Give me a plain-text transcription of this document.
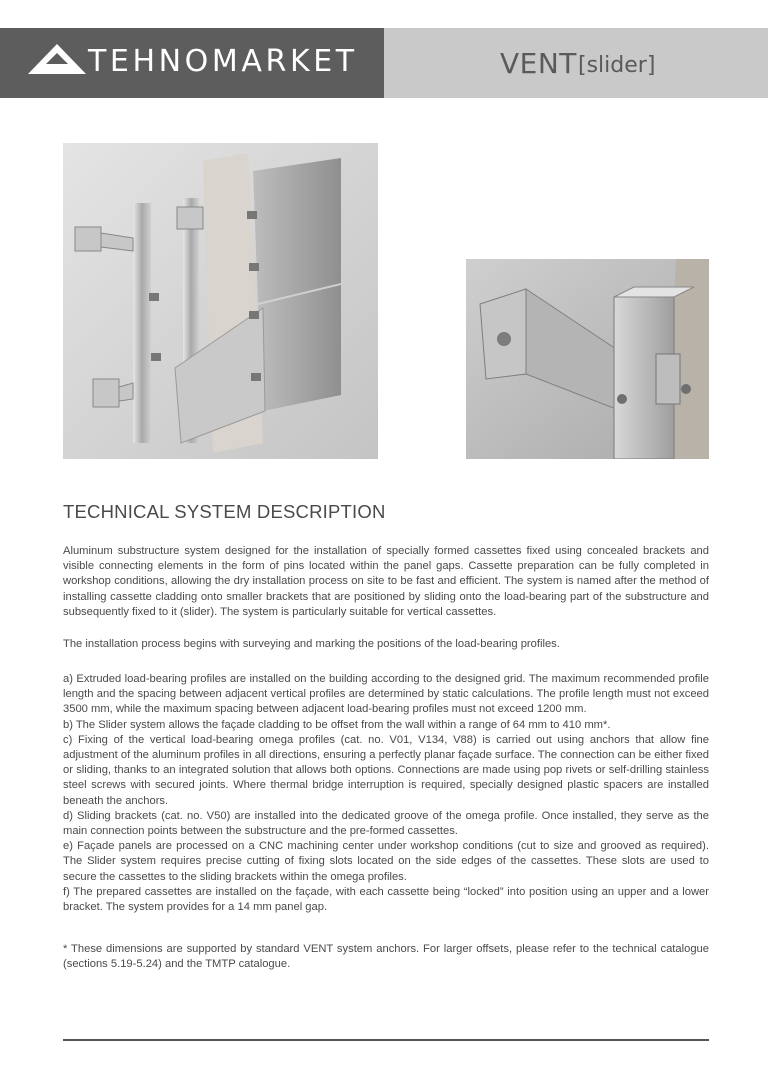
TEHNOMARKET	VENT [slider]
TECHNICAL SYSTEM DESCRIPTION

Aluminum substructure system designed for the installation of specially formed cassettes fixed using concealed brackets and visible connecting elements in the form of pins located within the panel gaps. Cassette preparation can be fully completed in workshop conditions, allowing the dry installation process on site to be fast and efficient. The system is named after the method of installing cassette cladding onto smaller brackets that are positioned by sliding onto the load-bearing part of the substructure and subsequently fixed to it (slider). The system is particularly suitable for vertical cassettes.

The installation process begins with surveying and marking the positions of the load-bearing profiles.

a) Extruded load-bearing profiles are installed on the building according to the designed grid. The maximum recommended profile length and the spacing between adjacent vertical profiles are determined by static calculations. The profile length must not exceed 3500 mm, while the maximum spacing between adjacent load-bearing profiles must not exceed 1200 mm.

b) The Slider system allows the façade cladding to be offset from the wall within a range of 64 mm to 410 mm*.

c) Fixing of the vertical load-bearing omega profiles (cat. no. V01, V134, V88) is carried out using anchors that allow fine adjustment of the aluminum profiles in all directions, ensuring a perfectly planar façade surface. The connection can be either fixed or sliding, thanks to an integrated solution that allows both options. Connections are made using pop rivets or self-drilling stainless steel screws with secured joints. Where thermal bridge interruption is required, specially designed plastic spacers are installed beneath the anchors.

d) Sliding brackets (cat. no. V50) are installed into the dedicated groove of the omega profile. Once installed, they serve as the main connection points between the substructure and the pre-formed cassettes.

e) Façade panels are processed on a CNC machining center under workshop conditions (cut to size and grooved as required). The Slider system requires precise cutting of fixing slots located on the side edges of the cassettes. These slots are used to secure the cassettes to the sliding brackets within the omega profiles.

f) The prepared cassettes are installed on the façade, with each cassette being “locked” into position using an upper and a lower bracket. The system provides for a 14 mm panel gap.

* These dimensions are supported by standard VENT system anchors. For larger offsets, please refer to the technical catalogue (sections 5.19-5.24) and the TMTP catalogue.
